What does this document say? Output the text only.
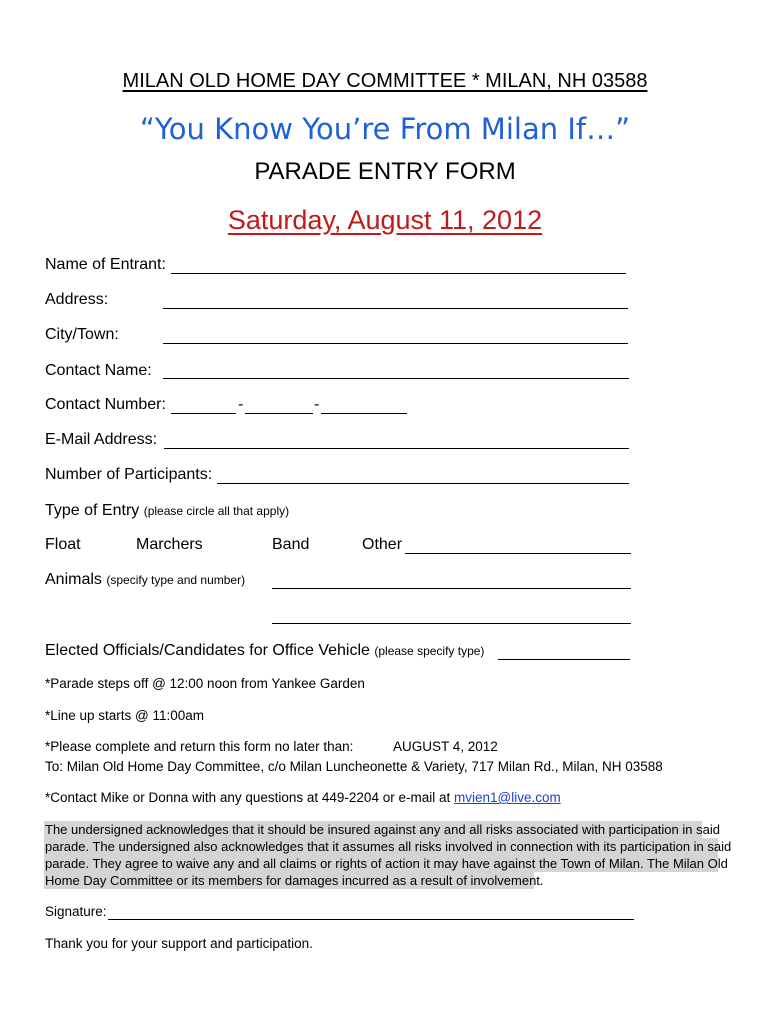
MILAN OLD HOME DAY COMMITTEE * MILAN, NH 03588
“You Know You’re From Milan If…”
PARADE ENTRY FORM
Saturday, August 11, 2012
Name of Entrant:
Address:
City/Town:
Contact Name:
Contact Number:	-	-
E-Mail Address:
Number of Participants:
Type of Entry (please circle all that apply)
Float	Marchers	Band	Other
Animals (specify type and number)
Elected Officials/Candidates for Office Vehicle (please specify type)
*Parade steps off @ 12:00 noon from Yankee Garden
*Line up starts @ 11:00am
*Please complete and return this form no later than:	AUGUST 4, 2012
To: Milan Old Home Day Committee, c/o Milan Luncheonette & Variety, 717 Milan Rd., Milan, NH 03588
*Contact Mike or Donna with any questions at 449-2204 or e-mail at mvien1@live.com
The undersigned acknowledges that it should be insured against any and all risks associated with participation in said
parade. The undersigned also acknowledges that it assumes all risks involved in connection with its participation in said
parade. They agree to waive any and all claims or rights of action it may have against the Town of Milan. The Milan Old
Home Day Committee or its members for damages incurred as a result of involvement.
Signature:
Thank you for your support and participation.
